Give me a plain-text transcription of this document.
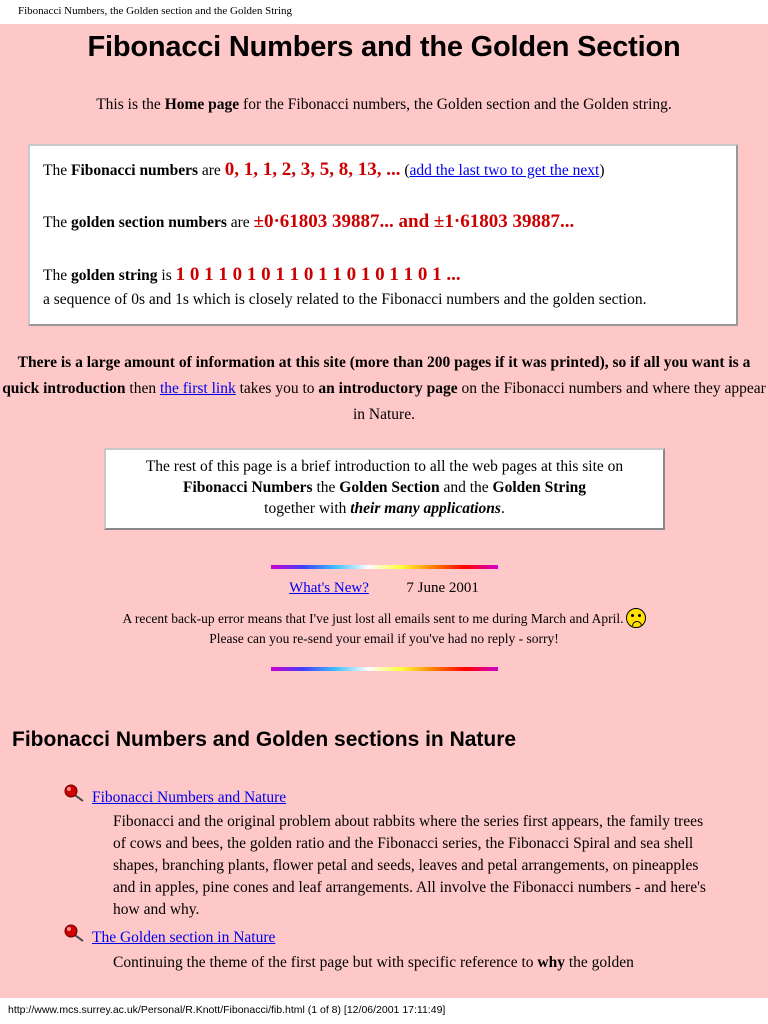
Fibonacci Numbers, the Golden section and the Golden String
Fibonacci Numbers and the Golden Section
This is the Home page for the Fibonacci numbers, the Golden section and the Golden string.
The Fibonacci numbers are 0, 1, 1, 2, 3, 5, 8, 13, ... (add the last two to get the next)
The golden section numbers are ±0·61803 39887... and ±1·61803 39887...
The golden string is 1 0 1 1 0 1 0 1 1 0 1 1 0 1 0 1 1 0 1 ...
a sequence of 0s and 1s which is closely related to the Fibonacci numbers and the golden section.
There is a large amount of information at this site (more than 200 pages if it was printed), so if all you want is a quick introduction then the first link takes you to an introductory page on the Fibonacci numbers and where they appear in Nature.
The rest of this page is a brief introduction to all the web pages at this site on
Fibonacci Numbers the Golden Section and the Golden String
together with their many applications.
What's New?	7 June 2001
A recent back-up error means that I've just lost all emails sent to me during March and April.
Please can you re-send your email if you've had no reply - sorry!
Fibonacci Numbers and Golden sections in Nature
Fibonacci Numbers and Nature
Fibonacci and the original problem about rabbits where the series first appears, the family trees of cows and bees, the golden ratio and the Fibonacci series, the Fibonacci Spiral and sea shell shapes, branching plants, flower petal and seeds, leaves and petal arrangements, on pineapples and in apples, pine cones and leaf arrangements. All involve the Fibonacci numbers - and here's how and why.
The Golden section in Nature
Continuing the theme of the first page but with specific reference to why the golden
http://www.mcs.surrey.ac.uk/Personal/R.Knott/Fibonacci/fib.html (1 of 8) [12/06/2001 17:11:49]
